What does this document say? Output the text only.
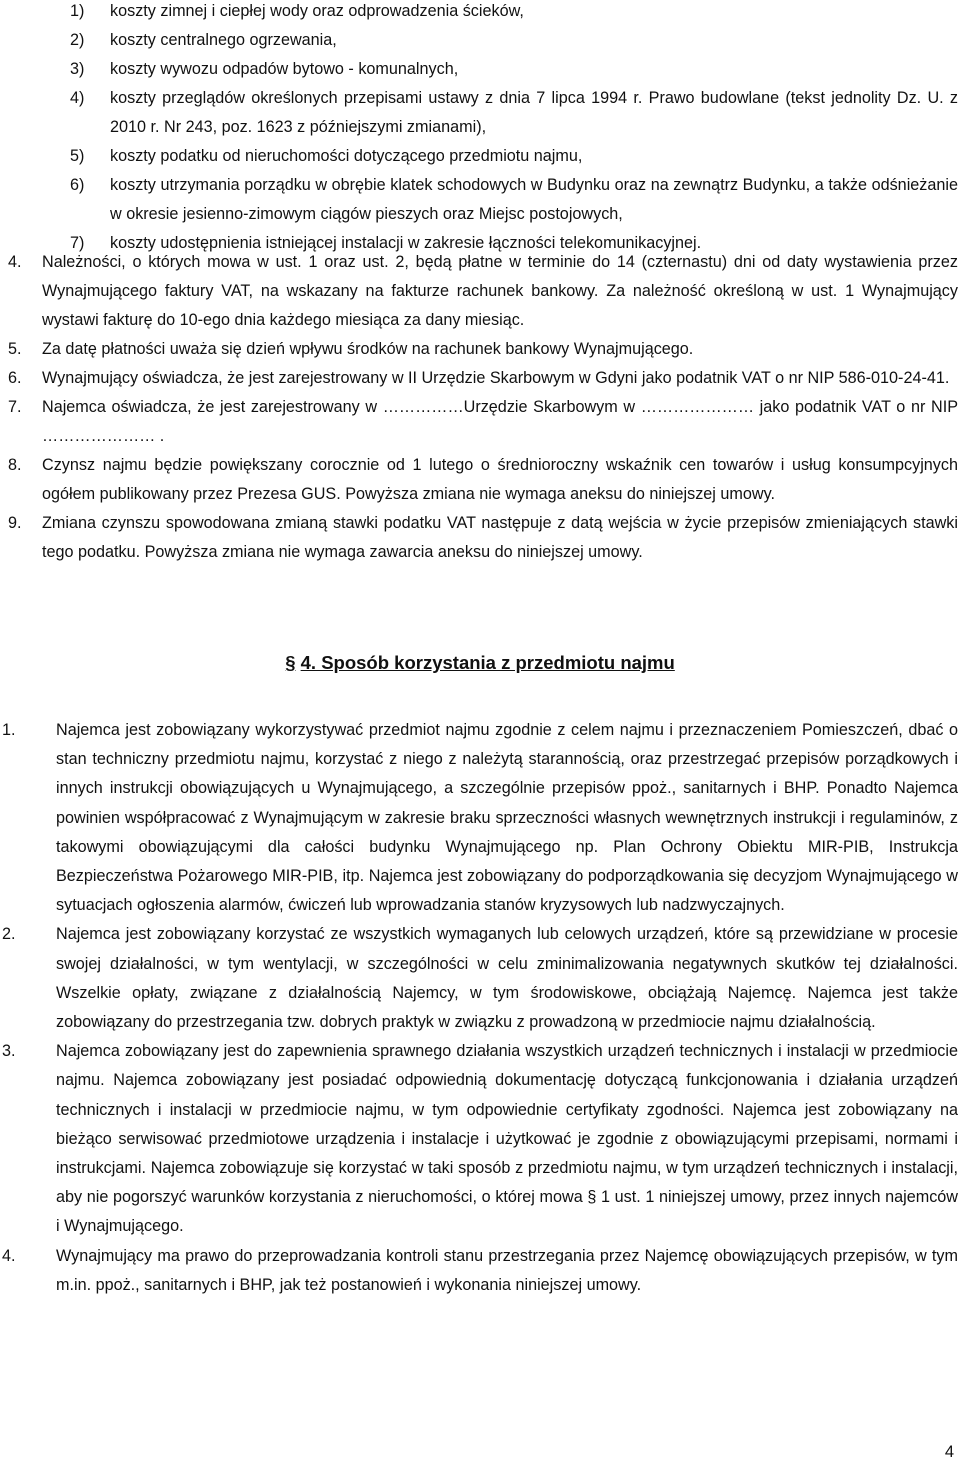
1) koszty zimnej i ciepłej wody oraz odprowadzenia ścieków,
2) koszty centralnego ogrzewania,
3) koszty wywozu odpadów bytowo - komunalnych,
4) koszty przeglądów określonych przepisami ustawy z dnia 7 lipca 1994 r. Prawo budowlane (tekst jednolity Dz. U. z 2010 r. Nr 243, poz. 1623 z późniejszymi zmianami),
5) koszty podatku od nieruchomości dotyczącego przedmiotu najmu,
6) koszty utrzymania porządku w obrębie klatek schodowych w Budynku oraz na zewnątrz Budynku, a także odśnieżanie w okresie jesienno-zimowym ciągów pieszych oraz Miejsc postojowych,
7) koszty udostępnienia istniejącej instalacji w zakresie łączności telekomunikacyjnej.
4. Należności, o których mowa w ust. 1 oraz ust. 2, będą płatne w terminie do 14 (czternastu) dni od daty wystawienia przez Wynajmującego faktury VAT, na wskazany na fakturze rachunek bankowy. Za należność określoną w ust. 1 Wynajmujący wystawi fakturę do 10-ego dnia każdego miesiąca za dany miesiąc.
5. Za datę płatności uważa się dzień wpływu środków na rachunek bankowy Wynajmującego.
6. Wynajmujący oświadcza, że jest zarejestrowany w II Urzędzie Skarbowym w Gdyni jako podatnik VAT o nr NIP 586-010-24-41.
7. Najemca oświadcza, że jest zarejestrowany w ……………Urzędzie Skarbowym w ………………… jako podatnik VAT o nr NIP ………………… .
8. Czynsz najmu będzie powiększany corocznie od 1 lutego o średnioroczny wskaźnik cen towarów i usług konsumpcyjnych ogółem publikowany przez Prezesa GUS. Powyższa zmiana nie wymaga aneksu do niniejszej umowy.
9. Zmiana czynszu spowodowana zmianą stawki podatku VAT następuje z datą wejścia w życie przepisów zmieniających stawki tego podatku. Powyższa zmiana nie wymaga zawarcia aneksu do niniejszej umowy.
§ 4. Sposób korzystania z przedmiotu najmu
1. Najemca jest zobowiązany wykorzystywać przedmiot najmu zgodnie z celem najmu i przeznaczeniem Pomieszczeń, dbać o stan techniczny przedmiotu najmu, korzystać z niego z należytą starannością, oraz przestrzegać przepisów porządkowych i innych instrukcji obowiązujących u Wynajmującego, a szczególnie przepisów ppoż., sanitarnych i BHP. Ponadto Najemca powinien współpracować z Wynajmującym w zakresie braku sprzeczności własnych wewnętrznych instrukcji i regulaminów, z takowymi obowiązującymi dla całości budynku Wynajmującego np. Plan Ochrony Obiektu MIR-PIB, Instrukcja Bezpieczeństwa Pożarowego MIR-PIB, itp. Najemca jest zobowiązany do podporządkowania się decyzjom Wynajmującego w sytuacjach ogłoszenia alarmów, ćwiczeń lub wprowadzania stanów kryzysowych lub nadzwyczajnych.
2. Najemca jest zobowiązany korzystać ze wszystkich wymaganych lub celowych urządzeń, które są przewidziane w procesie swojej działalności, w tym wentylacji, w szczególności w celu zminimalizowania negatywnych skutków tej działalności. Wszelkie opłaty, związane z działalnością Najemcy, w tym środowiskowe, obciążają Najemcę. Najemca jest także zobowiązany do przestrzegania tzw. dobrych praktyk w związku z prowadzoną w przedmiocie najmu działalnością.
3. Najemca zobowiązany jest do zapewnienia sprawnego działania wszystkich urządzeń technicznych i instalacji w przedmiocie najmu. Najemca zobowiązany jest posiadać odpowiednią dokumentację dotyczącą funkcjonowania i działania urządzeń technicznych i instalacji w przedmiocie najmu, w tym odpowiednie certyfikaty zgodności. Najemca jest zobowiązany na bieżąco serwisować przedmiotowe urządzenia i instalacje i użytkować je zgodnie z obowiązującymi przepisami, normami i instrukcjami. Najemca zobowiązuje się korzystać w taki sposób z przedmiotu najmu, w tym urządzeń technicznych i instalacji, aby nie pogorszyć warunków korzystania z nieruchomości, o której mowa § 1 ust. 1 niniejszej umowy, przez innych najemców i Wynajmującego.
4. Wynajmujący ma prawo do przeprowadzania kontroli stanu przestrzegania przez Najemcę obowiązujących przepisów, w tym m.in. ppoż., sanitarnych i BHP, jak też postanowień i wykonania niniejszej umowy.
4
